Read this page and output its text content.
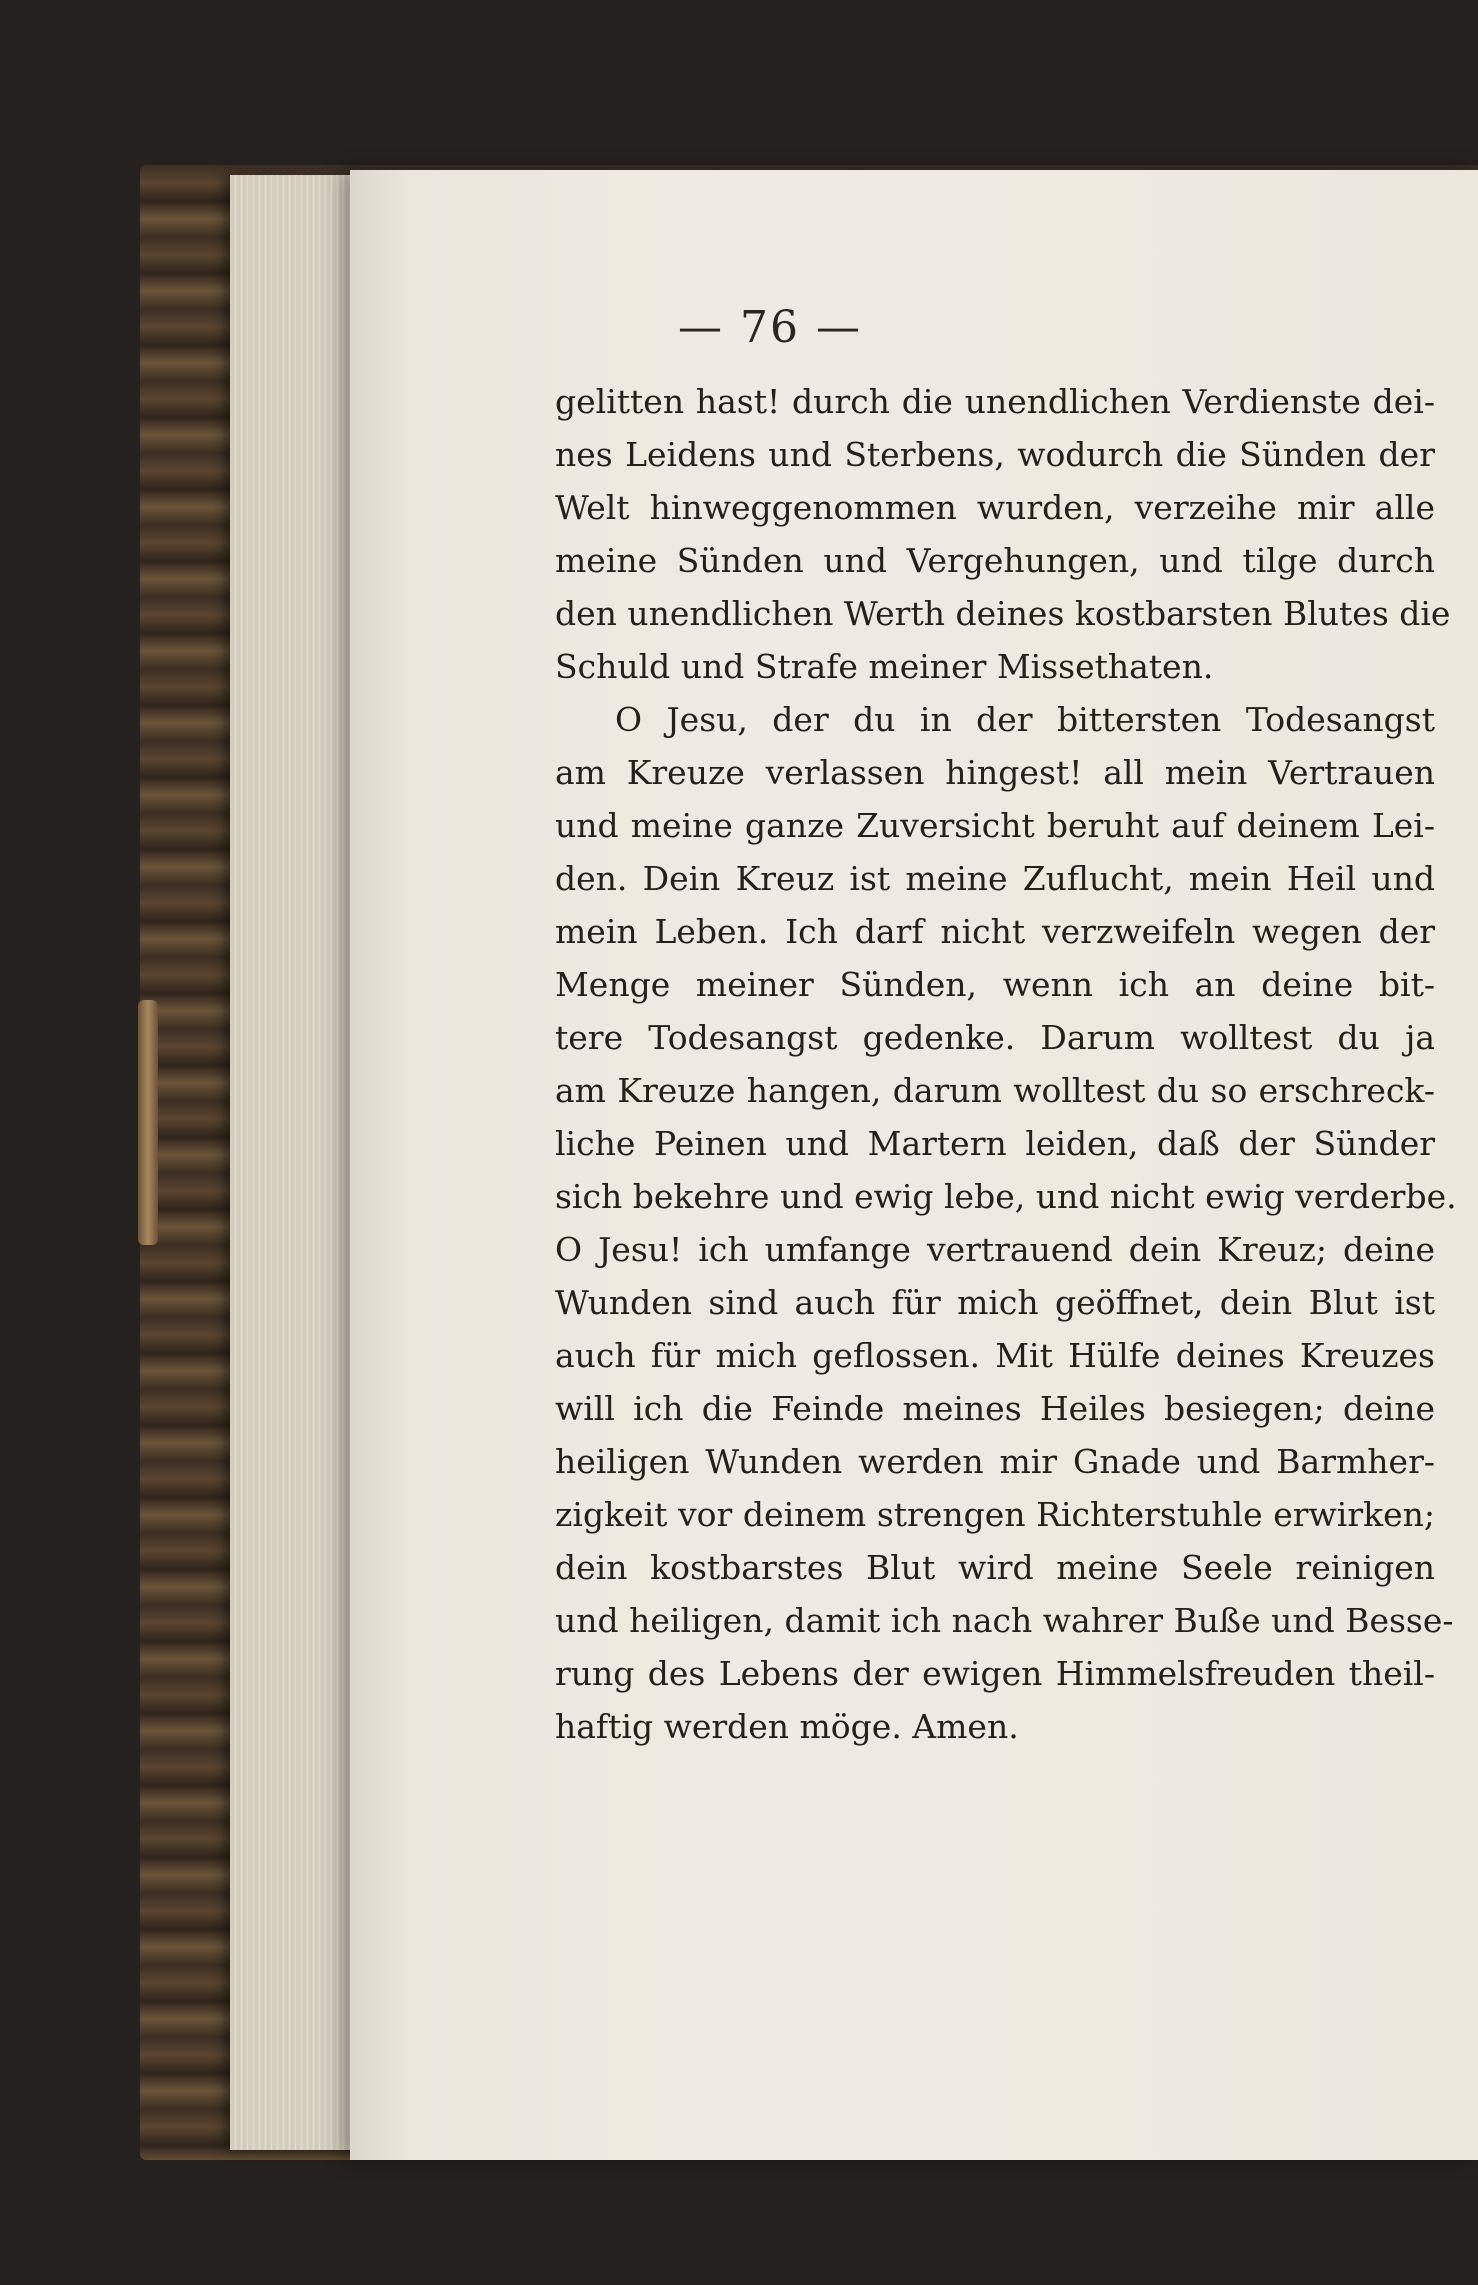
— 76 —
gelitten hast! durch die unendlichen Verdienste dei-
nes Leidens und Sterbens, wodurch die Sünden der
Welt hinweggenommen wurden, verzeihe mir alle
meine Sünden und Vergehungen, und tilge durch
den unendlichen Werth deines kostbarsten Blutes die
Schuld und Strafe meiner Missethaten.
O Jesu, der du in der bittersten Todesangst
am Kreuze verlassen hingest! all mein Vertrauen
und meine ganze Zuversicht beruht auf deinem Lei-
den. Dein Kreuz ist meine Zuflucht, mein Heil und
mein Leben. Ich darf nicht verzweifeln wegen der
Menge meiner Sünden, wenn ich an deine bit-
tere Todesangst gedenke. Darum wolltest du ja
am Kreuze hangen, darum wolltest du so erschreck-
liche Peinen und Martern leiden, daß der Sünder
sich bekehre und ewig lebe, und nicht ewig verderbe.
O Jesu! ich umfange vertrauend dein Kreuz; deine
Wunden sind auch für mich geöffnet, dein Blut ist
auch für mich geflossen. Mit Hülfe deines Kreuzes
will ich die Feinde meines Heiles besiegen; deine
heiligen Wunden werden mir Gnade und Barmher-
zigkeit vor deinem strengen Richterstuhle erwirken;
dein kostbarstes Blut wird meine Seele reinigen
und heiligen, damit ich nach wahrer Buße und Besse-
rung des Lebens der ewigen Himmelsfreuden theil-
haftig werden möge. Amen.
